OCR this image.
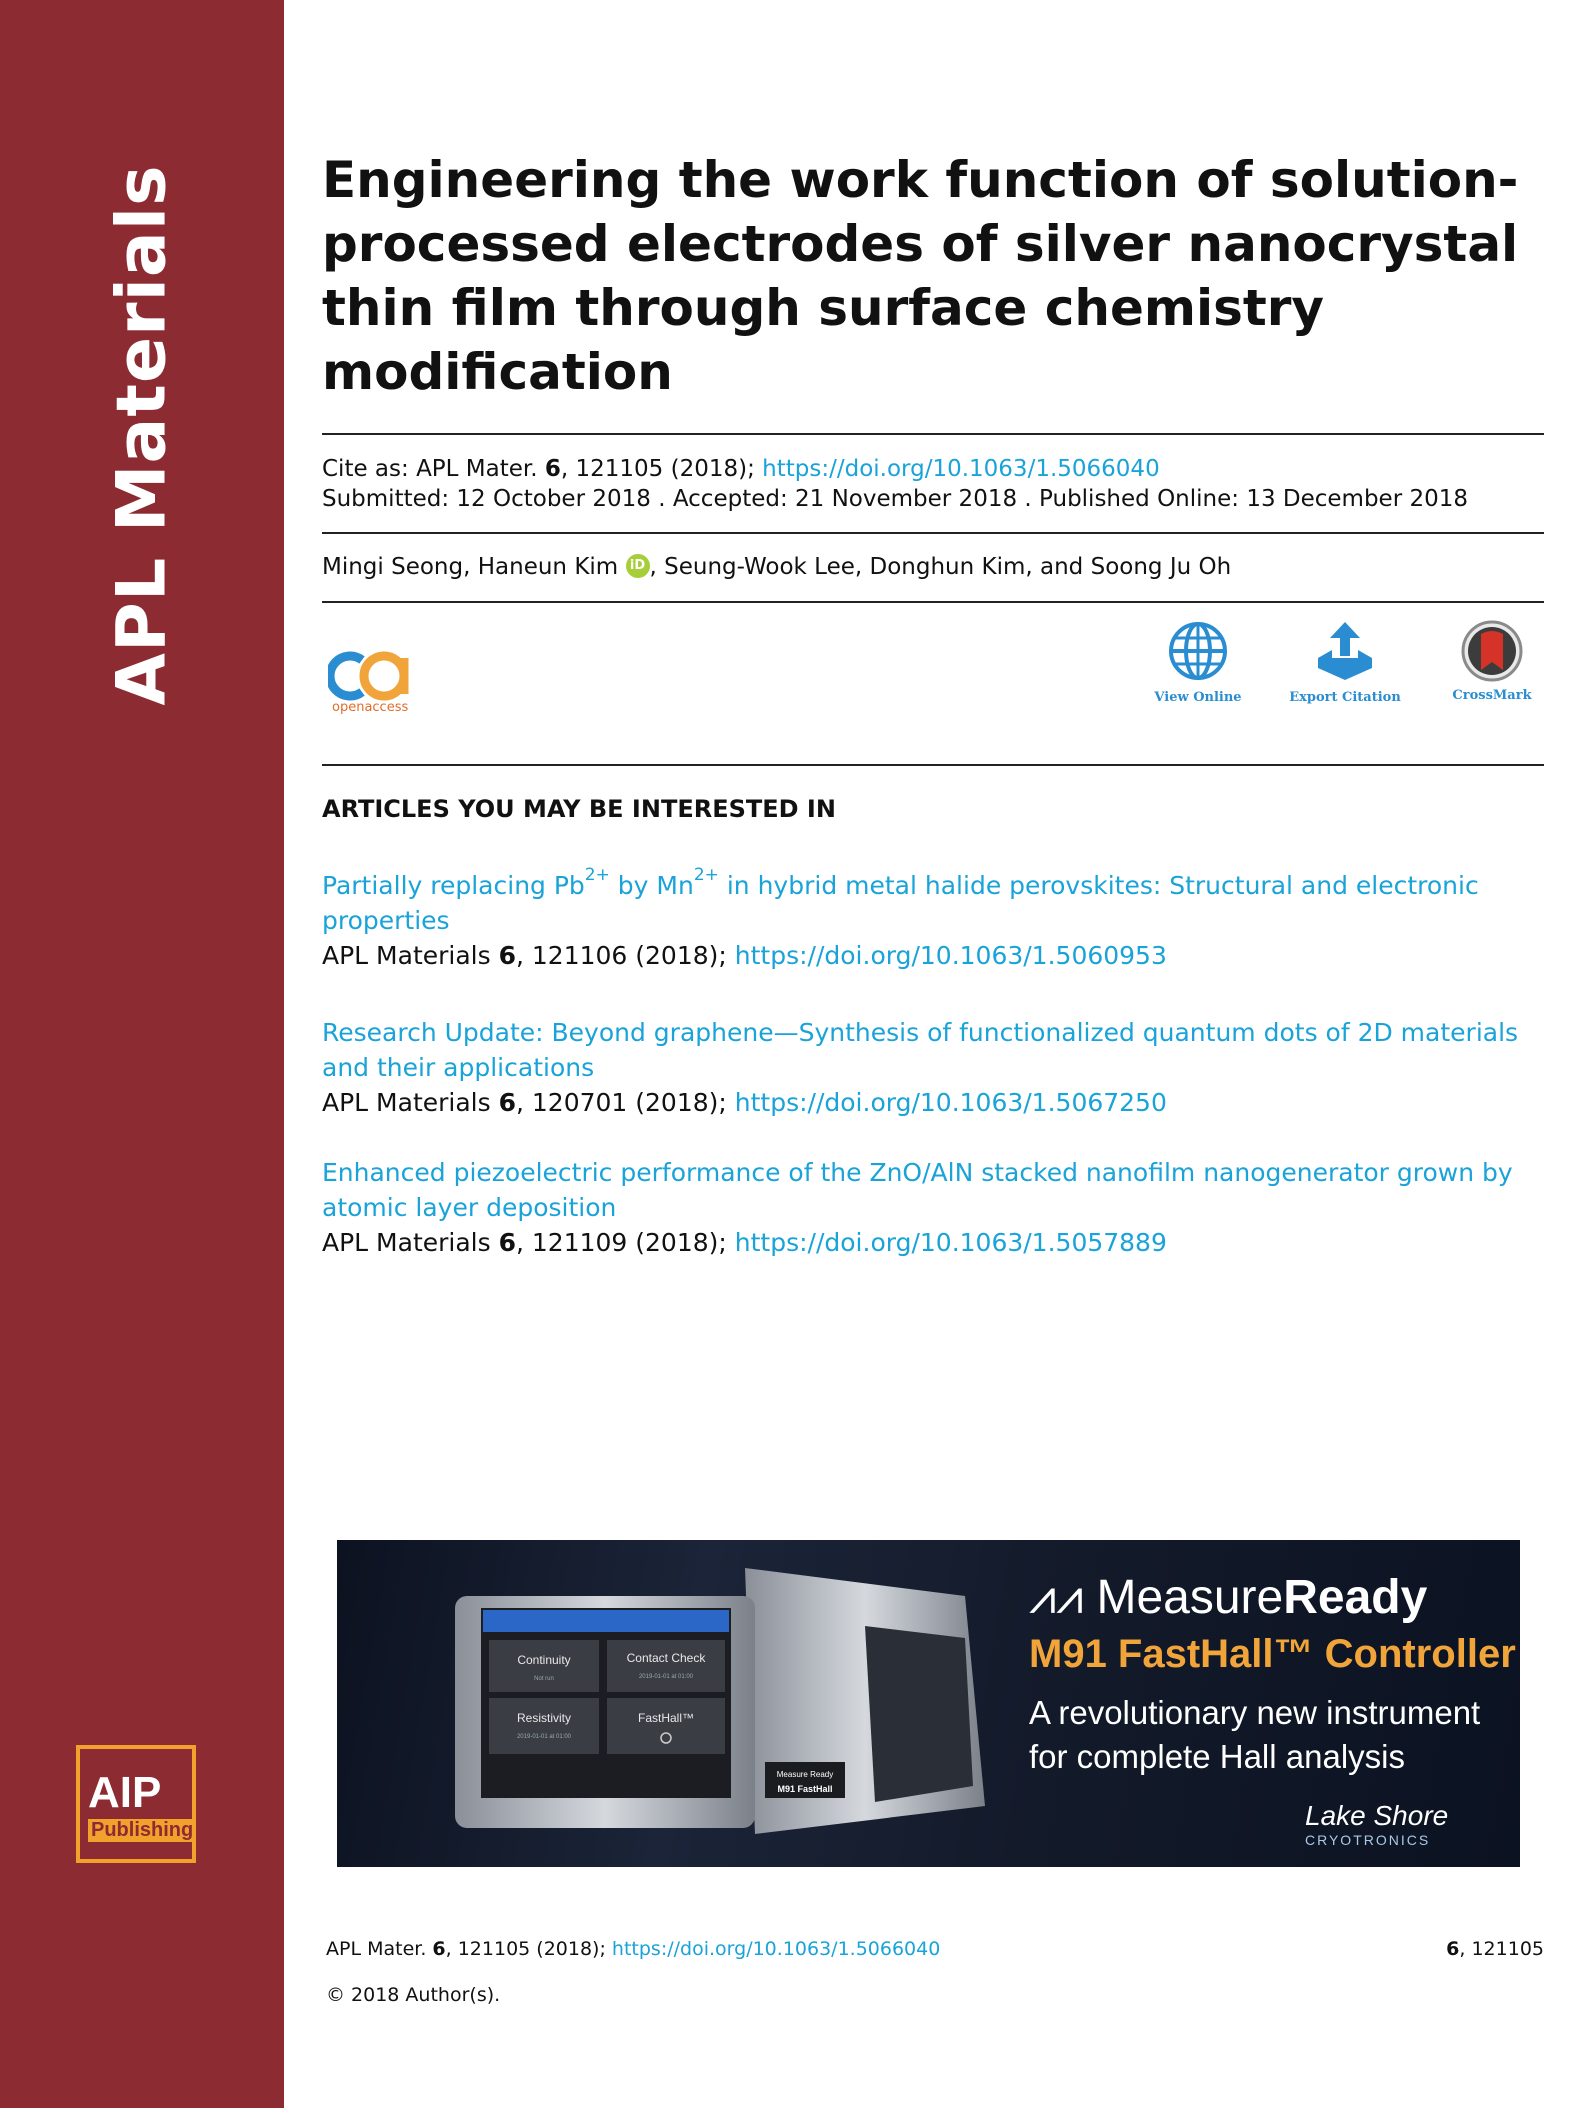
APL Materials
AIP
Publishing
Engineering the work function of solution-processed electrodes of silver nanocrystal thin film through surface chemistry modification
Cite as: APL Mater. 6, 121105 (2018); https://doi.org/10.1063/1.5066040
Submitted: 12 October 2018 . Accepted: 21 November 2018 . Published Online: 13 December 2018
Mingi Seong, Haneun Kim iD , Seung-Wook Lee, Donghun Kim, and Soong Ju Oh
openaccess
View Online	Export Citation	CrossMark
ARTICLES YOU MAY BE INTERESTED IN
Partially replacing Pb$^{2+}$ by Mn$^{2+}$ in hybrid metal halide perovskites: Structural and electronic properties
APL Materials 6, 121106 (2018); https://doi.org/10.1063/1.5060953
Research Update: Beyond graphene—Synthesis of functionalized quantum dots of 2D materials and their applications
APL Materials 6, 120701 (2018); https://doi.org/10.1063/1.5067250
Enhanced piezoelectric performance of the ZnO/AlN stacked nanofilm nanogenerator grown by atomic layer deposition
APL Materials 6, 121109 (2018); https://doi.org/10.1063/1.5057889
Continuity
Not run
Contact Check
2019-01-01 at 01:00
Resistivity
2019-01-01 at 01:00
FastHall™
Measure Ready
M91 FastHall
⩘⩘ MeasureReady
M91 FastHall™ Controller
A revolutionary new instrument
for complete Hall analysis
Lake Shore
CRYOTRONICS
APL Mater. 6, 121105 (2018); https://doi.org/10.1063/1.5066040	6, 121105
© 2018 Author(s).
